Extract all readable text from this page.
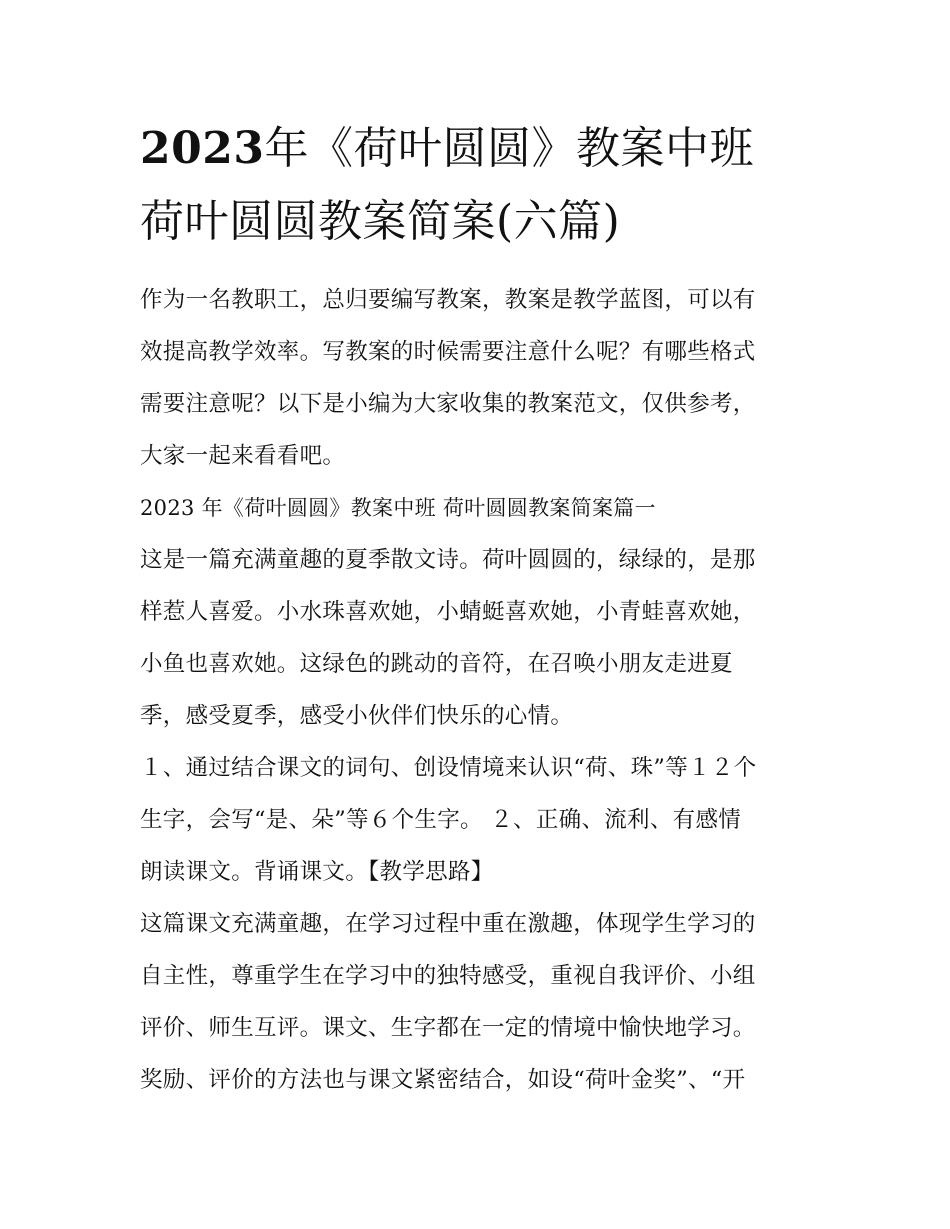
2023年《荷叶圆圆》教案中班
荷叶圆圆教案简案(六篇)
作为一名教职工，总归要编写教案，教案是教学蓝图，可以有
效提高教学效率。写教案的时候需要注意什么呢？有哪些格式
需要注意呢？以下是小编为大家收集的教案范文，仅供参考，
大家一起来看看吧。
2023 年《荷叶圆圆》教案中班 荷叶圆圆教案简案篇一
这是一篇充满童趣的夏季散文诗。荷叶圆圆的，绿绿的，是那
样惹人喜爱。小水珠喜欢她，小蜻蜓喜欢她，小青蛙喜欢她，
小鱼也喜欢她。这绿色的跳动的音符，在召唤小朋友走进夏
季，感受夏季，感受小伙伴们快乐的心情。
１、通过结合课文的词句、创设情境来认识“荷、珠”等１２个
生字，会写“是、朵”等６个生字。 ２、正确、流利、有感情
朗读课文。背诵课文。【教学思路】
这篇课文充满童趣，在学习过程中重在激趣，体现学生学习的
自主性，尊重学生在学习中的独特感受，重视自我评价、小组
评价、师生互评。课文、生字都在一定的情境中愉快地学习。
奖励、评价的方法也与课文紧密结合，如设“荷叶金奖”、“开
